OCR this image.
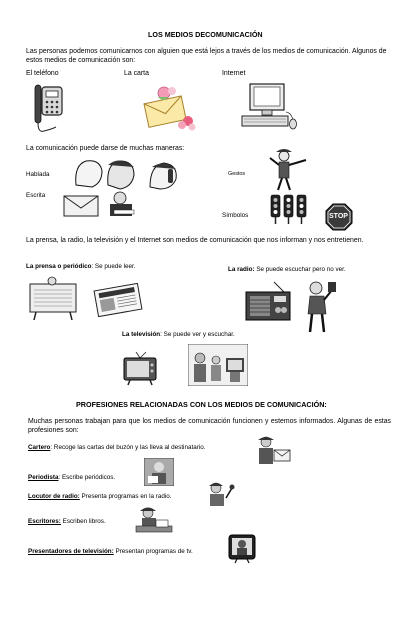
LOS MEDIOS DECOMUNICACIÓN
Las personas podemos comunicarnos con alguien que está lejos a través de los medios de comunicación. Algunos de estos medios de comunicación son:
El teléfono	La carta	Internet
La comunicación puede darse de muchas maneras:
Hablada	Gestos
Escrita
Símbolos	STOP
La prensa, la radio, la televisión y el Internet son medios de comunicación que nos informan y nos entretienen.
La prensa o periódico: Se puede leer.	La radio: Se puede escuchar pero no ver.
La televisión: Se puede ver y escuchar.
PROFESIONES RELACIONADAS CON LOS MEDIOS DE COMUNICACIÓN:
Muchas personas trabajan para que los medios de comunicación funcionen y estemos informados. Algunas de estas profesiones son:
Cartero: Recoge las cartas del buzón y las lleva al destinatario.
Periodista: Escribe periódicos.
Locutor de radio: Presenta programas en la radio.
Escritores: Escriben libros.
Presentadores de televisión: Presentan programas de tv.
